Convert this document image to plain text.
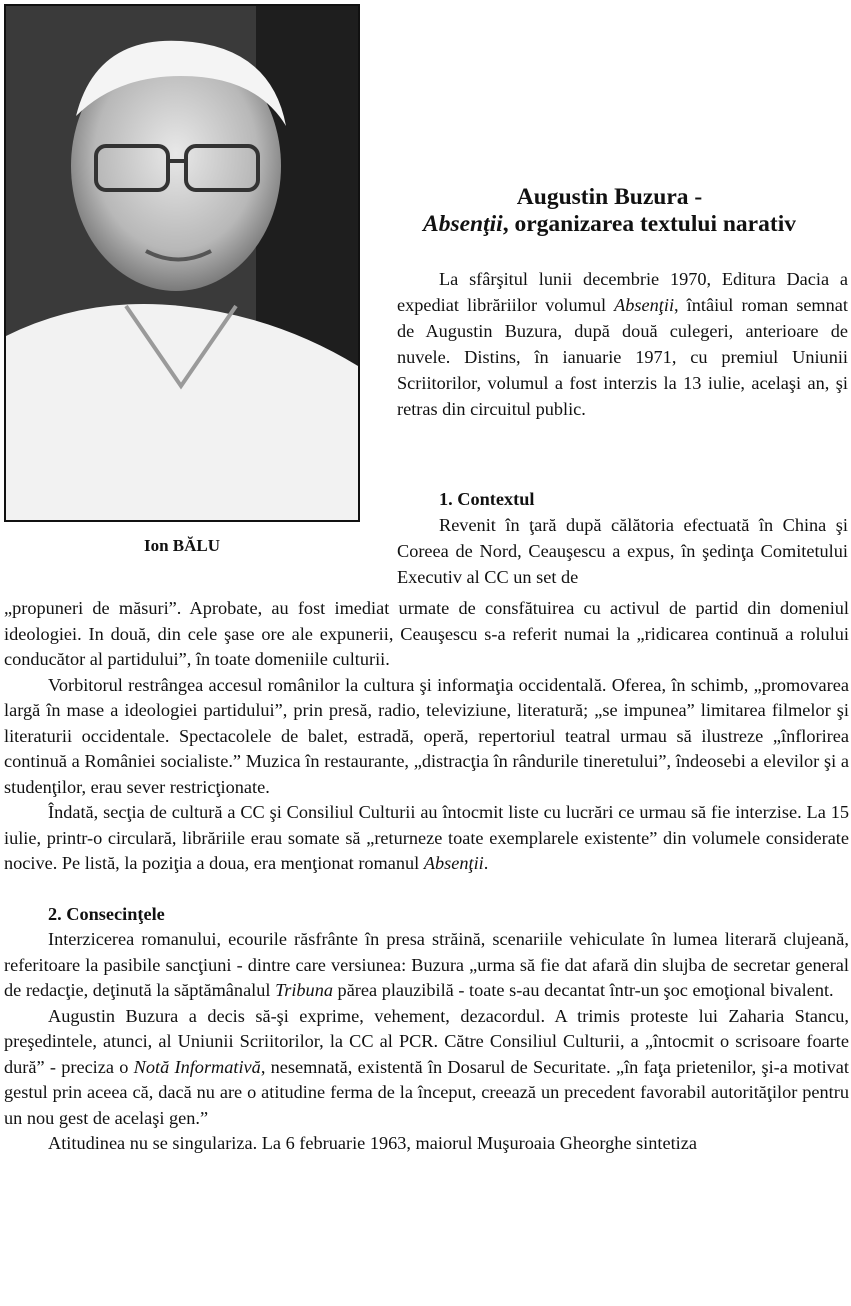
Ion BĂLU
Augustin Buzura -
Absenţii, organizarea textului narativ

La sfârşitul lunii decembrie 1970, Editura Dacia a expediat librăriilor volumul Absenţii, întâiul roman semnat de Augustin Buzura, după două culegeri, anterioare de nuvele. Distins, în ianuarie 1971, cu premiul Uniunii Scriitorilor, volumul a fost interzis la 13 iulie, acelaşi an, şi retras din circuitul public.

1. Contextul

Revenit în ţară după călătoria efectuată în China şi Coreea de Nord, Ceauşescu a expus, în şedinţa Comitetului Executiv al CC un set de

„propuneri de măsuri”. Aprobate, au fost imediat urmate de consfătuirea cu activul de partid din domeniul ideologiei. In două, din cele şase ore ale expunerii, Ceauşescu s-a referit numai la „ridicarea continuă a rolului conducător al partidului”, în toate domeniile culturii.

Vorbitorul restrângea accesul românilor la cultura şi informaţia occidentală. Oferea, în schimb, „promovarea largă în mase a ideologiei partidului”, prin presă, radio, televiziune, literatură; „se impunea” limitarea filmelor şi literaturii occidentale. Spectacolele de balet, estradă, operă, repertoriul teatral urmau să ilustreze „înflorirea continuă a României socialiste.” Muzica în restaurante, „distracţia în rândurile tineretului”, îndeosebi a elevilor şi a studenţilor, erau sever restricţionate.

Îndată, secţia de cultură a CC şi Consiliul Culturii au întocmit liste cu lucrări ce urmau să fie interzise. La 15 iulie, printr-o circulară, librăriile erau somate să „returneze toate exemplarele existente” din volumele considerate nocive. Pe listă, la poziţia a doua, era menţionat romanul Absenţii.

2. Consecinţele

Interzicerea romanului, ecourile răsfrânte în presa străină, scenariile vehiculate în lumea literară clujeană, referitoare la pasibile sancţiuni - dintre care versiunea: Buzura „urma să fie dat afară din slujba de secretar general de redacţie, deţinută la săptămânalul Tribuna părea plauzibilă - toate s-au decantat într-un şoc emoţional bivalent.

Augustin Buzura a decis să-şi exprime, vehement, dezacordul. A trimis proteste lui Zaharia Stancu, preşedintele, atunci, al Uniunii Scriitorilor, la CC al PCR. Către Consiliul Culturii, a „întocmit o scrisoare foarte dură” - preciza o Notă Informativă, nesemnată, existentă în Dosarul de Securitate. „în faţa prietenilor, şi-a motivat gestul prin aceea că, dacă nu are o atitudine ferma de la început, creează un precedent favorabil autorităţilor pentru un nou gest de acelaşi gen.”

Atitudinea nu se singulariza. La 6 februarie 1963, maiorul Muşuroaia Gheorghe sintetiza
